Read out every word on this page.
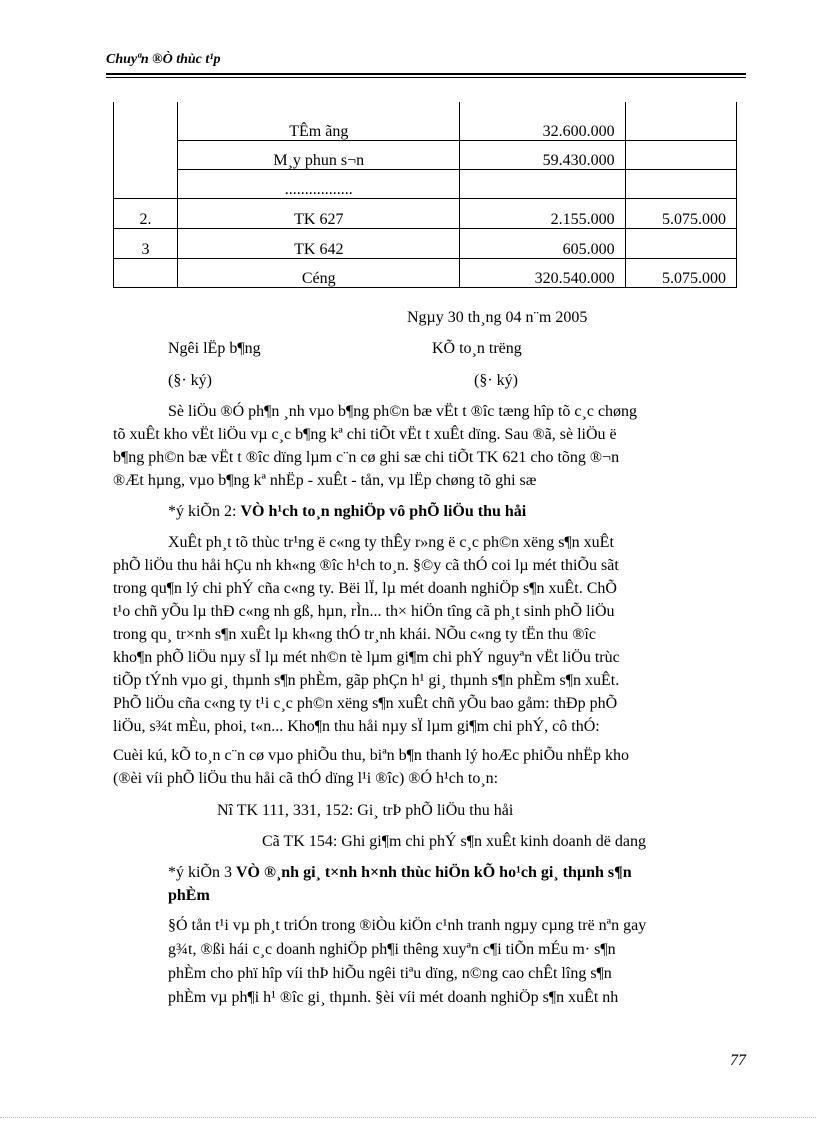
Chuyªn ®Ò thùc t¹p
	TÊm ãng	32.600.000	
	M¸y phun s¬n	59.430.000	
	.................		
2.	TK 627	2.155.000	5.075.000
3	TK 642	605.000	
	Céng	320.540.000	5.075.000
Ngµy 30 th¸ng 04 n¨m 2005
Ngêi lËp b¶ng	KÕ to¸n trëng
(§· ký)	(§· ký)
Sè liÖu ®Ó ph¶n ¸nh vµo b¶ng ph©n bæ vËt t ®îc tæng hîp tõ c¸c chøng
tõ xuÊt kho vËt liÖu vµ c¸c b¶ng kª chi tiÕt vËt t xuÊt dïng. Sau ®ã, sè liÖu ë
b¶ng ph©n bæ vËt t ®îc dïng lµm c¨n cø ghi sæ chi tiÕt TK 621 cho tõng ®¬n
®Æt hµng, vµo b¶ng kª nhËp - xuÊt - tån, vµ lËp chøng tõ ghi sæ
*ý kiÕn 2: VÒ h¹ch to¸n nghiÖp vô phÕ liÖu thu håi
XuÊt ph¸t tõ thùc tr¹ng ë c«ng ty thÊy r»ng ë c¸c ph©n xëng s¶n xuÊt
phÕ liÖu thu håi hÇu nh kh«ng ®îc h¹ch to¸n. §©y cã thÓ coi lµ mét thiÕu sãt
trong qu¶n lý chi phÝ cña c«ng ty. Bëi lÏ, lµ mét doanh nghiÖp s¶n xuÊt. ChÕ
t¹o chñ yÕu lµ thÐ c«ng nh gß, hµn, rÌn... th× hiÖn tîng cã ph¸t sinh phÕ liÖu
trong qu¸ tr×nh s¶n xuÊt lµ kh«ng thÓ tr¸nh khái. NÕu c«ng ty tËn thu ®îc
kho¶n phÕ liÖu nµy sÏ lµ mét nh©n tè lµm gi¶m chi phÝ nguyªn vËt liÖu trùc
tiÕp tÝnh vµo gi¸ thµnh s¶n phÈm, gãp phÇn h¹ gi¸ thµnh s¶n phÈm s¶n xuÊt.
PhÕ liÖu cña c«ng ty t¹i c¸c ph©n xëng s¶n xuÊt chñ yÕu bao gåm: thÐp phÕ
liÖu, s¾t mÈu, phoi, t«n... Kho¶n thu håi nµy sÏ lµm gi¶m chi phÝ, cô thÓ:
Cuèi kú, kÕ to¸n c¨n cø vµo phiÕu thu, biªn b¶n thanh lý hoÆc phiÕu nhËp kho
(®èi víi phÕ liÖu thu håi cã thÓ dïng l¹i ®îc) ®Ó h¹ch to¸n:
Nî TK 111, 331, 152: Gi¸ trÞ phÕ liÖu thu håi
Cã TK 154: Ghi gi¶m chi phÝ s¶n xuÊt kinh doanh dë dang
*ý kiÕn 3 VÒ ®¸nh gi¸ t×nh h×nh thùc hiÖn kÕ ho¹ch gi¸ thµnh s¶n
phÈm
§Ó tån t¹i vµ ph¸t triÓn trong ®iÒu kiÖn c¹nh tranh ngµy cµng trë nªn gay
g¾t, ®ßi hái c¸c doanh nghiÖp ph¶i thêng xuyªn c¶i tiÕn mÉu m· s¶n
phÈm cho phï hîp víi thÞ hiÕu ngêi tiªu dïng, n©ng cao chÊt lîng s¶n
phÈm vµ ph¶i h¹ ®îc gi¸ thµnh. §èi víi mét doanh nghiÖp s¶n xuÊt nh
77
